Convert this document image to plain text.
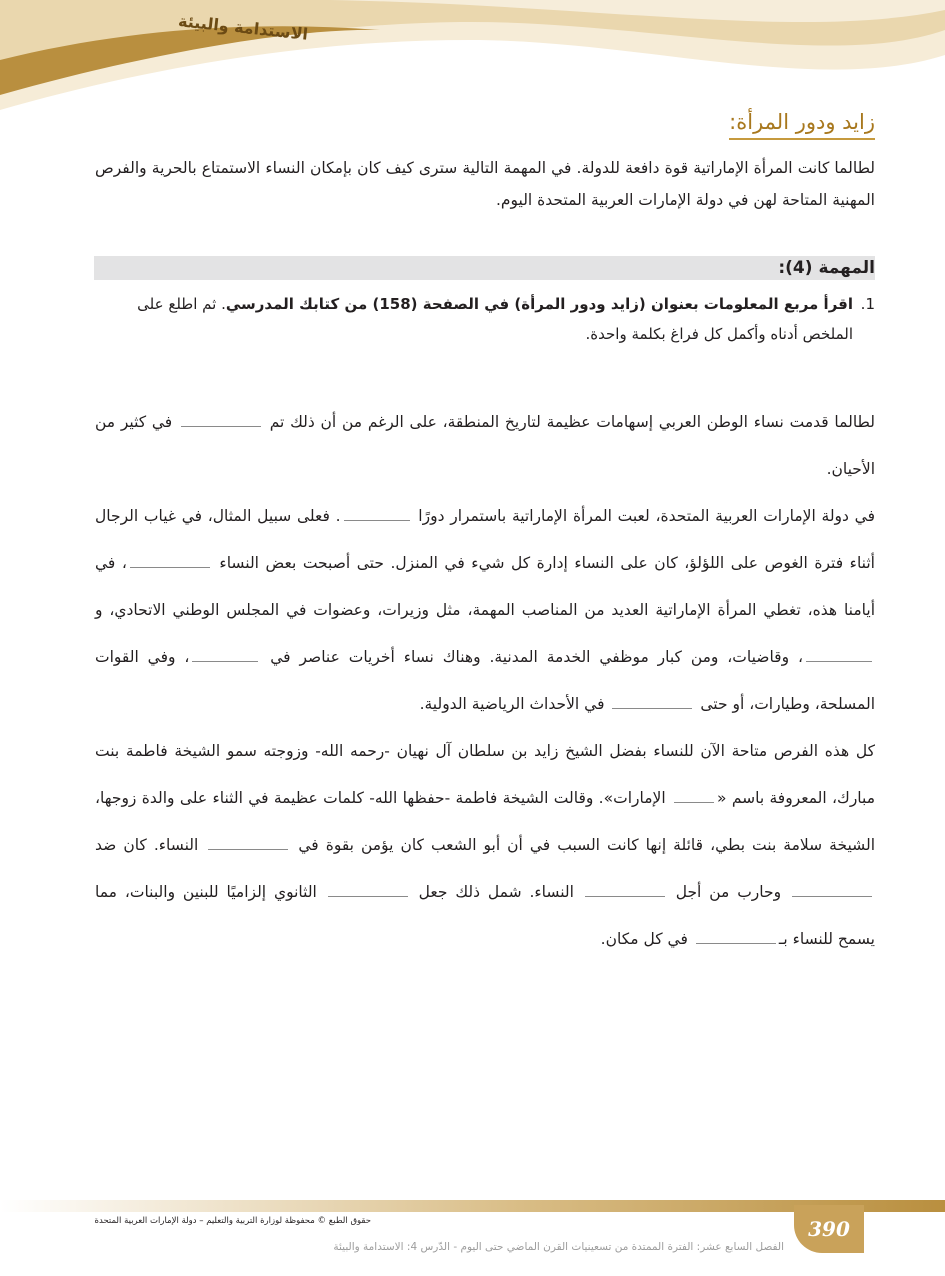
الاستدامة والبيئة
زايد ودور المرأة:

لطالما كانت المرأة الإماراتية قوة دافعة للدولة. في المهمة التالية سترى كيف كان بإمكان النساء الاستمتاع بالحرية والفرص المهنية المتاحة لهن في دولة الإمارات العربية المتحدة اليوم.

المهمة (4):
1.
اقرأ مربع المعلومات بعنوان (زايد ودور المرأة) في الصفحة (158) من كتابك المدرسي. ثم اطلع على الملخص أدناه وأكمل كل فراغ بكلمة واحدة.

لطالما قدمت نساء الوطن العربي إسهامات عظيمة لتاريخ المنطقة، على الرغم من أن ذلك تم  في كثير من الأحيان.
في دولة الإمارات العربية المتحدة، لعبت المرأة الإماراتية باستمرار دورًا . فعلى سبيل المثال، في غياب الرجال أثناء فترة الغوص على اللؤلؤ، كان على النساء إدارة كل شيء في المنزل. حتى أصبحت بعض النساء ، في أيامنا هذه، تغطي المرأة الإماراتية العديد من المناصب المهمة، مثل وزيرات، وعضوات في المجلس الوطني الاتحادي، و، وقاضيات، ومن كبار موظفي الخدمة المدنية. وهناك نساء أخريات عناصر في ، وفي القوات المسلحة، وطيارات، أو حتى  في الأحداث الرياضية الدولية.
كل هذه الفرص متاحة الآن للنساء بفضل الشيخ زايد بن سلطان آل نهيان -رحمه الله- وزوجته سمو الشيخة فاطمة بنت مبارك، المعروفة باسم « الإمارات». وقالت الشيخة فاطمة -حفظها الله- كلمات عظيمة في الثناء على والدة زوجها، الشيخة سلامة بنت بطي، قائلة إنها كانت السبب في أن أبو الشعب كان يؤمن بقوة في  النساء. كان ضد  وحارب من أجل  النساء. شمل ذلك جعل  الثانوي إلزاميًا للبنين والبنات، مما يسمح للنساء بـ في كل مكان.

390
حقوق الطبع © محفوظة لوزارة التربية والتعليم – دولة الإمارات العربية المتحدة
الفصل السابع عشر: الفترة الممتدة من تسعينيات القرن الماضي حتى اليوم - الدّرس 4: الاستدامة والبيئة
